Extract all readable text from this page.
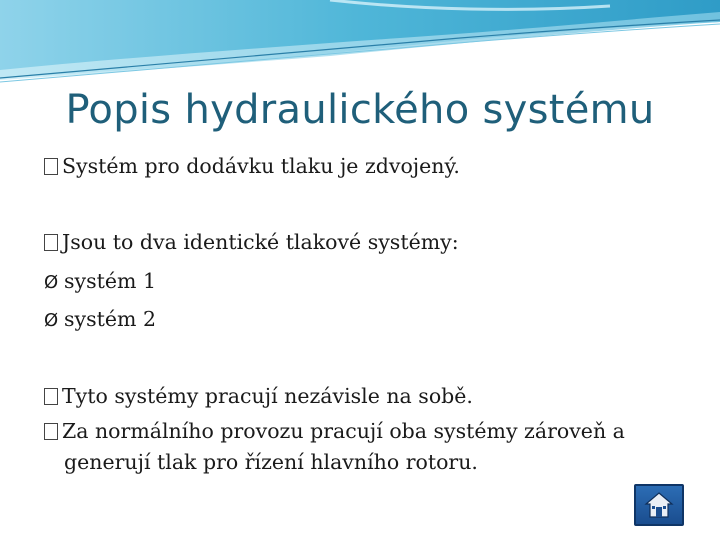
Popis hydraulického systému
Systém pro dodávku tlaku je zdvojený.
Jsou to dva identické tlakové systémy:
Ø systém 1
Ø systém 2
Tyto systémy pracují nezávisle na sobě.
Za normálního provozu pracují oba systémy zároveň a
generují tlak pro řízení hlavního rotoru.
